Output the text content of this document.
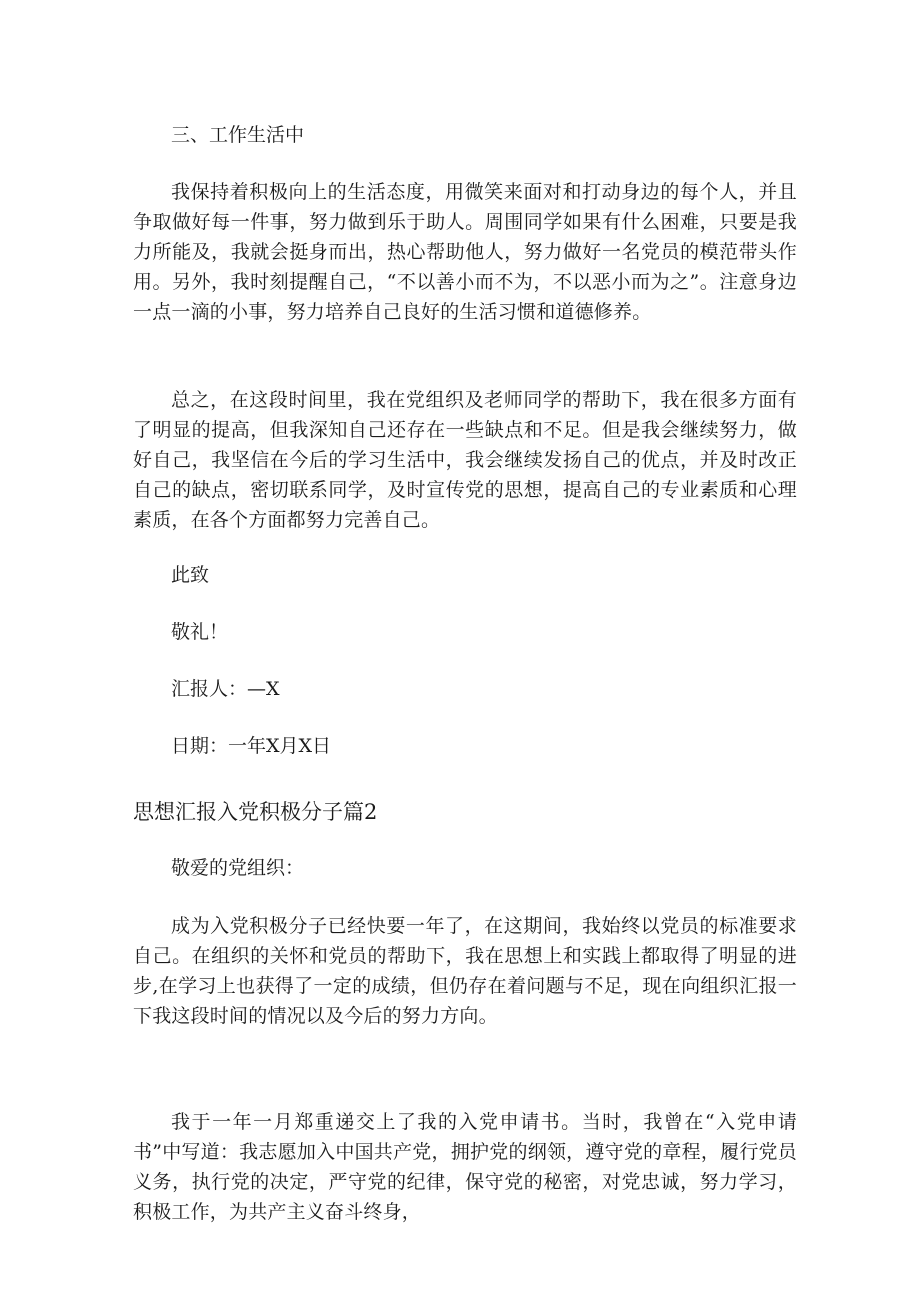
三、工作生活中

我保持着积极向上的生活态度，用微笑来面对和打动身边的每个人，并且争取做好每一件事，努力做到乐于助人。周围同学如果有什么困难，只要是我力所能及，我就会挺身而出，热心帮助他人，努力做好一名党员的模范带头作用。另外，我时刻提醒自己，“不以善小而不为，不以恶小而为之”。注意身边一点一滴的小事，努力培养自己良好的生活习惯和道德修养。

总之，在这段时间里，我在党组织及老师同学的帮助下，我在很多方面有了明显的提高，但我深知自己还存在一些缺点和不足。但是我会继续努力，做好自己，我坚信在今后的学习生活中，我会继续发扬自己的优点，并及时改正自己的缺点，密切联系同学，及时宣传党的思想，提高自己的专业素质和心理素质，在各个方面都努力完善自己。

此致

敬礼！

汇报人：—X

日期：一年X月X日

思想汇报入党积极分子篇2

敬爱的党组织：

成为入党积极分子已经快要一年了，在这期间，我始终以党员的标准要求自己。在组织的关怀和党员的帮助下，我在思想上和实践上都取得了明显的进步,在学习上也获得了一定的成绩，但仍存在着问题与不足，现在向组织汇报一下我这段时间的情况以及今后的努力方向。

我于一年一月郑重递交上了我的入党申请书。当时，我曾在“入党申请书”中写道：我志愿加入中国共产党，拥护党的纲领，遵守党的章程，履行党员义务，执行党的决定，严守党的纪律，保守党的秘密，对党忠诚，努力学习，积极工作，为共产主义奋斗终身，
